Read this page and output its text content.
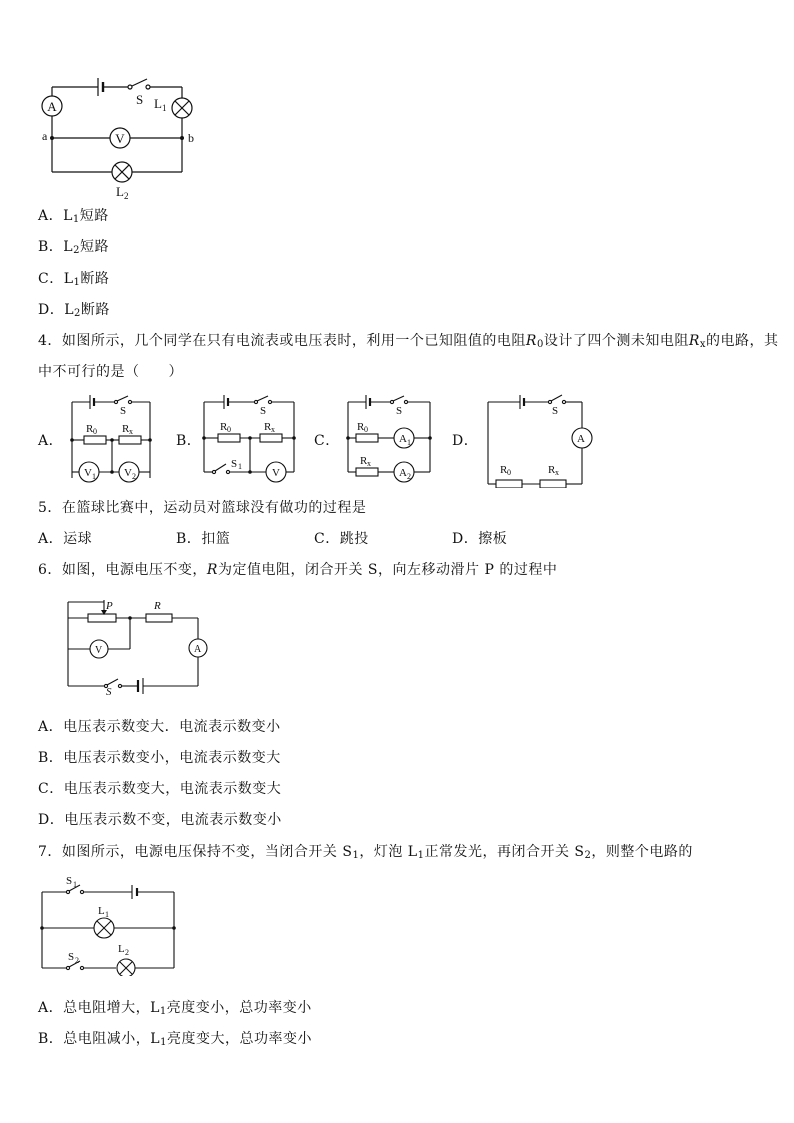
A
V
S L 1
L 2
a	b
A．$L_1$短路
B．$L_2$短路
C．$L_1$断路
D．$L_2$断路
4．如图所示，几个同学在只有电流表或电压表时，利用一个已知阻值的电阻$R_0$设计了四个测未知电阻$R_x$的电路，其
中不可行的是（　　）
A．	B．	C．	D．
S
R 0 R x
V 1	V 2
S
R 0	R x
S 1
V
S
R 0
A 1
R x
A 2
S
A
R 0	R x
5．在篮球比赛中，运动员对篮球没有做功的过程是
A．运球	B．扣篮	C．跳投	D．擦板
6．如图，电源电压不变，R为定值电阻，闭合开关 S，向左移动滑片 P 的过程中
P	R
V	A
S
A．电压表示数变大．电流表示数变小
B．电压表示数变小，电流表示数变大
C．电压表示数变大，电流表示数变大
D．电压表示数不变，电流表示数变小
7．如图所示，电源电压保持不变，当闭合开关 $S_1$，灯泡 $L_1$正常发光，再闭合开关 $S_2$，则整个电路的
S 1
L 1
S 2
L 2
A．总电阻增大，$L_1$亮度变小，总功率变小
B．总电阻减小，$L_1$亮度变大，总功率变小
